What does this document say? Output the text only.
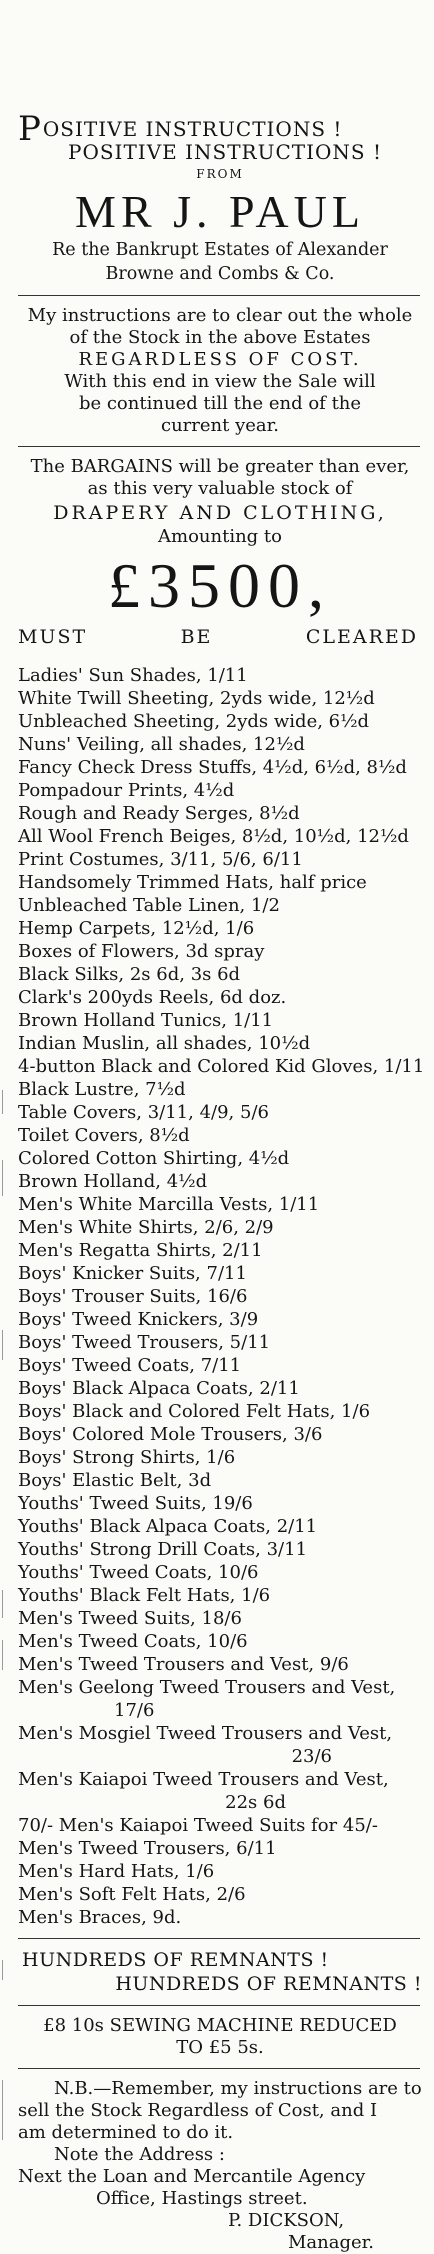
POSITIVE INSTRUCTIONS !
POSITIVE INSTRUCTIONS !
FROM
MR J. PAUL
Re the Bankrupt Estates of Alexander
Browne and Combs & Co.
My instructions are to clear out the whole
of the Stock in the above Estates
REGARDLESS OF COST.
With this end in view the Sale will
be continued till the end of the
current year.
The BARGAINS will be greater than ever,
as this very valuable stock of
DRAPERY AND CLOTHING,
Amounting to
£3500,
MUST	BE	CLEARED
Ladies' Sun Shades, 1/11
White Twill Sheeting, 2yds wide, 12½d
Unbleached Sheeting, 2yds wide, 6½d
Nuns' Veiling, all shades, 12½d
Fancy Check Dress Stuffs, 4½d, 6½d, 8½d
Pompadour Prints, 4½d
Rough and Ready Serges, 8½d
All Wool French Beiges, 8½d, 10½d, 12½d
Print Costumes, 3/11, 5/6, 6/11
Handsomely Trimmed Hats, half price
Unbleached Table Linen, 1/2
Hemp Carpets, 12½d, 1/6
Boxes of Flowers, 3d spray
Black Silks, 2s 6d, 3s 6d
Clark's 200yds Reels, 6d doz.
Brown Holland Tunics, 1/11
Indian Muslin, all shades, 10½d
4-button Black and Colored Kid Gloves, 1/11
Black Lustre, 7½d
Table Covers, 3/11, 4/9, 5/6
Toilet Covers, 8½d
Colored Cotton Shirting, 4½d
Brown Holland, 4½d
Men's White Marcilla Vests, 1/11
Men's White Shirts, 2/6, 2/9
Men's Regatta Shirts, 2/11
Boys' Knicker Suits, 7/11
Boys' Trouser Suits, 16/6
Boys' Tweed Knickers, 3/9
Boys' Tweed Trousers, 5/11
Boys' Tweed Coats, 7/11
Boys' Black Alpaca Coats, 2/11
Boys' Black and Colored Felt Hats, 1/6
Boys' Colored Mole Trousers, 3/6
Boys' Strong Shirts, 1/6
Boys' Elastic Belt, 3d
Youths' Tweed Suits, 19/6
Youths' Black Alpaca Coats, 2/11
Youths' Strong Drill Coats, 3/11
Youths' Tweed Coats, 10/6
Youths' Black Felt Hats, 1/6
Men's Tweed Suits, 18/6
Men's Tweed Coats, 10/6
Men's Tweed Trousers and Vest, 9/6
Men's Geelong Tweed Trousers and Vest,
17/6
Men's Mosgiel Tweed Trousers and Vest,
23/6
Men's Kaiapoi Tweed Trousers and Vest,
22s 6d
70/- Men's Kaiapoi Tweed Suits for 45/-
Men's Tweed Trousers, 6/11
Men's Hard Hats, 1/6
Men's Soft Felt Hats, 2/6
Men's Braces, 9d.
HUNDREDS OF REMNANTS !
HUNDREDS OF REMNANTS !
£8 10s SEWING MACHINE REDUCED
TO £5 5s.
N.B.—Remember, my instructions are to
sell the Stock Regardless of Cost, and I
am determined to do it.
Note the Address :
Next the Loan and Mercantile Agency
Office, Hastings street.
P. DICKSON,
Manager.
